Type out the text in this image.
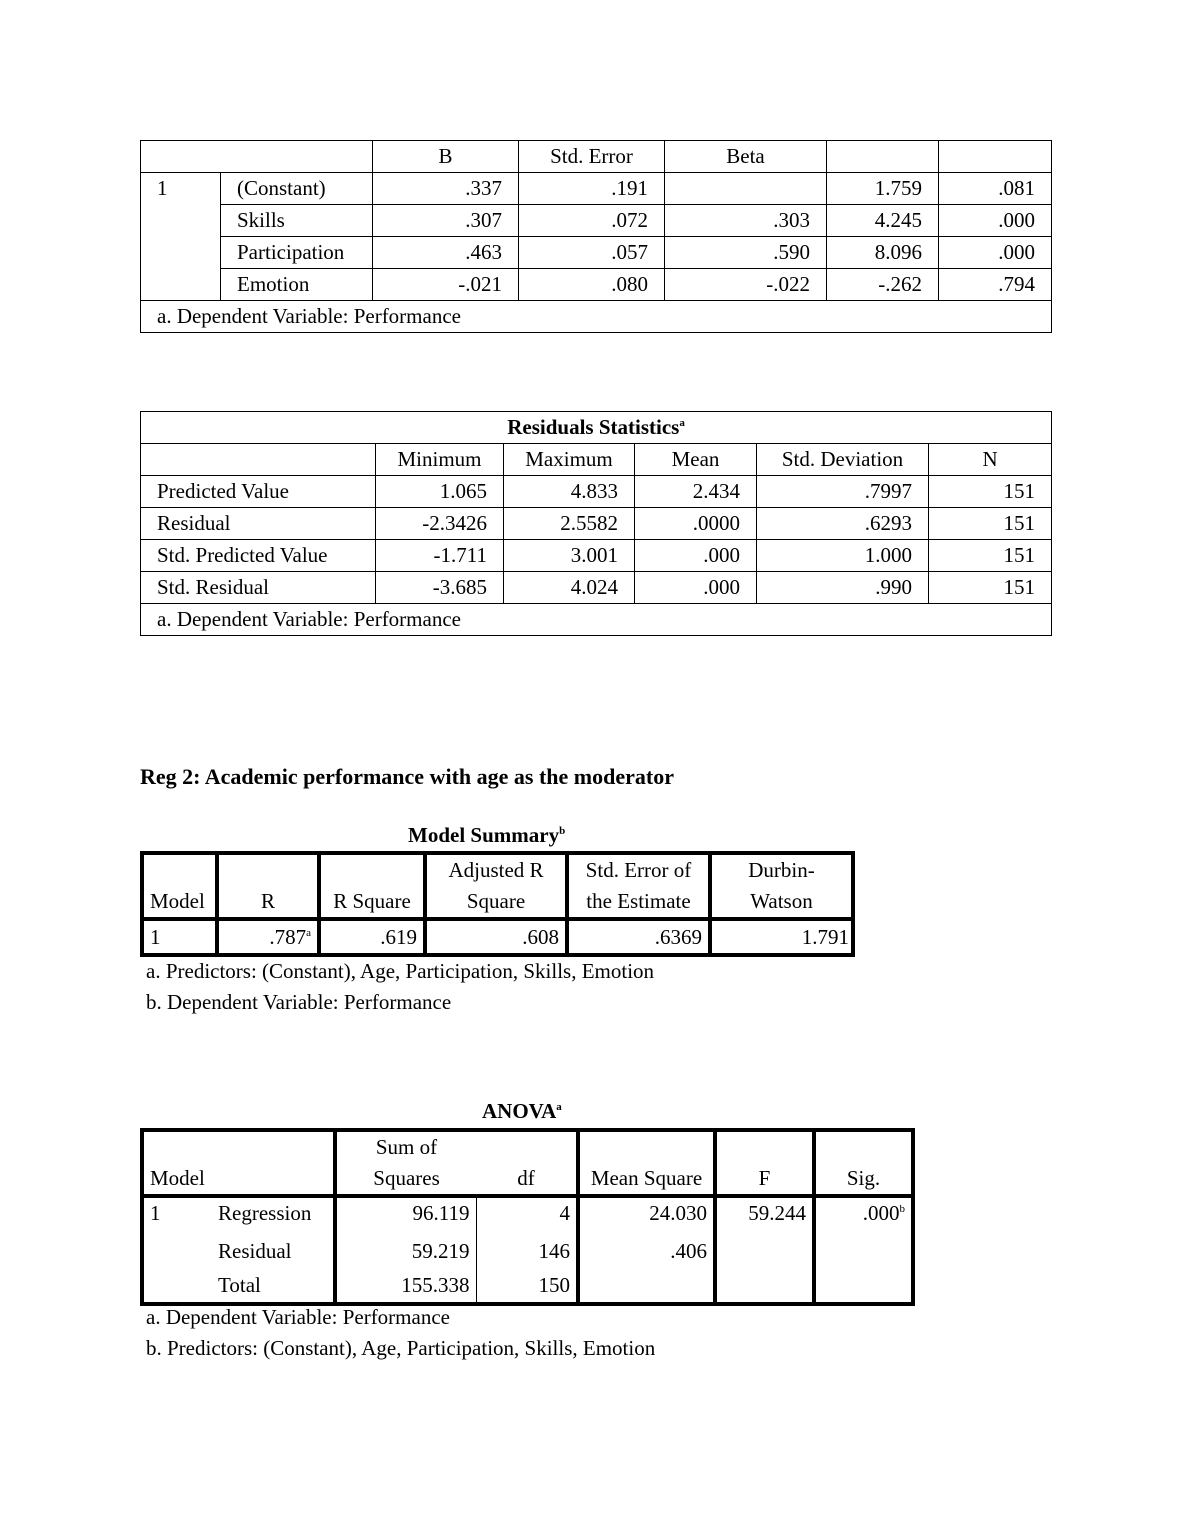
		B	Std. Error	Beta		
1	(Constant)	.337	.191		1.759	.081
	Skills	.307	.072	.303	4.245	.000
	Participation	.463	.057	.590	8.096	.000
	Emotion	-.021	.080	-.022	-.262	.794
a. Dependent Variable: Performance						
Residuals Statistics$^a$
	Minimum	Maximum	Mean	Std. Deviation	N
Predicted Value	1.065	4.833	2.434	.7997	151
Residual	-2.3426	2.5582	.0000	.6293	151
Std. Predicted Value	-1.711	3.001	.000	1.000	151
Std. Residual	-3.685	4.024	.000	.990	151
a. Dependent Variable: Performance					
Reg 2: Academic performance with age as the moderator
Model Summary$^b$
Model	R	R Square	Adjusted R	Std. Error of	Durbin-
			Square	the Estimate	Watson
1	.787$^a$	.619	.608	.6369	1.791
a. Predictors: (Constant), Age, Participation, Skills, Emotion
b. Dependent Variable: Performance
ANOVA$^a$
Model		Sum of	df	Mean Square	F	Sig.
		Squares				
1	Regression	96.119	4	24.030	59.244	.000$^b$
	Residual	59.219	146	.406		
	Total	155.338	150			
a. Dependent Variable: Performance
b. Predictors: (Constant), Age, Participation, Skills, Emotion
